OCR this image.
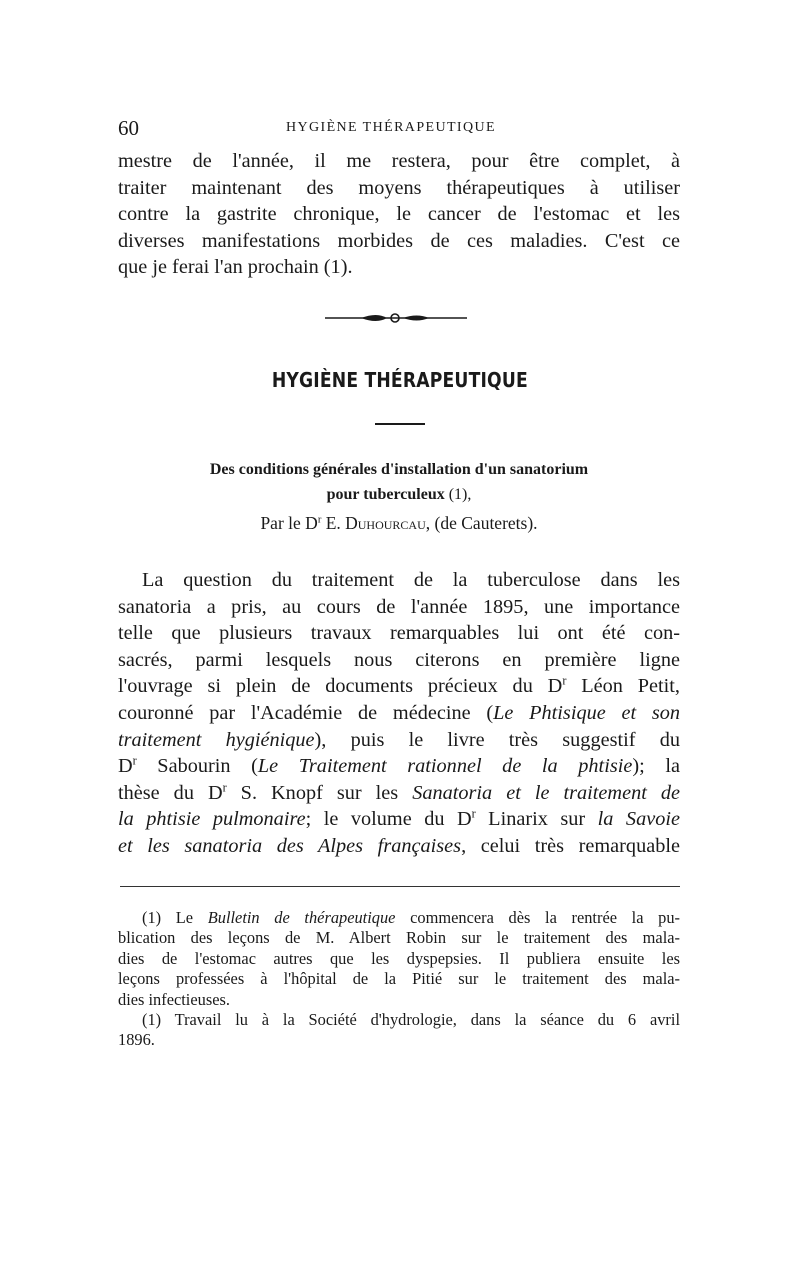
60	HYGIÈNE THÉRAPEUTIQUE
mestre de l'année, il me restera, pour être complet, à
traiter maintenant des moyens thérapeutiques à utiliser
contre la gastrite chronique, le cancer de l'estomac et les
diverses manifestations morbides de ces maladies. C'est ce
que je ferai l'an prochain (1).
HYGIÈNE THÉRAPEUTIQUE
Des conditions générales d'installation d'un sanatorium
pour tuberculeux (1),
Par le $D^r$ E. Duhourcau, (de Cauterets).
La question du traitement de la tuberculose dans les
sanatoria a pris, au cours de l'année 1895, une importance
telle que plusieurs travaux remarquables lui ont été con-
sacrés, parmi lesquels nous citerons en première ligne
l'ouvrage si plein de documents précieux du $D^r$ Léon Petit,
couronné par l'Académie de médecine (Le Phtisique et son
traitement hygiénique), puis le livre très suggestif du
$D^r$ Sabourin (Le Traitement rationnel de la phtisie); la
thèse du $D^r$ S. Knopf sur les Sanatoria et le traitement de
la phtisie pulmonaire; le volume du $D^r$ Linarix sur la Savoie
et les sanatoria des Alpes françaises, celui très remarquable
(1) Le Bulletin de thérapeutique commencera dès la rentrée la pu-
blication des leçons de M. Albert Robin sur le traitement des mala-
dies de l'estomac autres que les dyspepsies. Il publiera ensuite les
leçons professées à l'hôpital de la Pitié sur le traitement des mala-
dies infectieuses.
(1) Travail lu à la Société d'hydrologie, dans la séance du 6 avril
1896.
